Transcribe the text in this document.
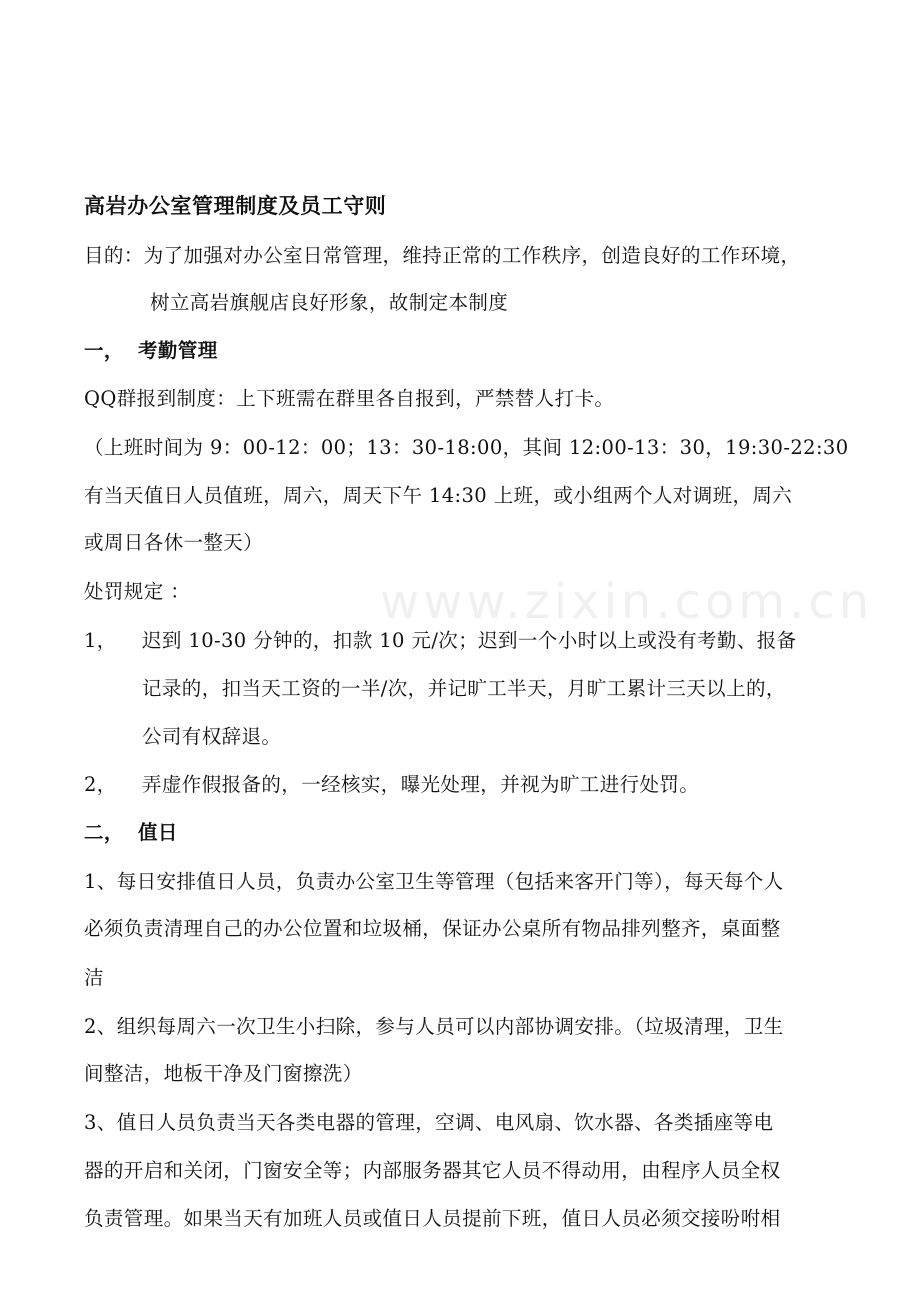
www.zixin.com.cn
高岩办公室管理制度及员工守则
目的：为了加强对办公室日常管理，维持正常的工作秩序，创造良好的工作环境，
树立高岩旗舰店良好形象，故制定本制度
一， 考勤管理
QQ群报到制度：上下班需在群里各自报到，严禁替人打卡。
（上班时间为 9：00-12：00；13：30-18:00，其间 12:00-13：30，19:30-22:30
有当天值日人员值班，周六，周天下午 14:30 上班，或小组两个人对调班，周六
或周日各休一整天）
处罚规定 ：
1， 迟到 10-30 分钟的，扣款 10 元/次；迟到一个小时以上或没有考勤、报备
记录的，扣当天工资的一半/次，并记旷工半天，月旷工累计三天以上的，
公司有权辞退。
2， 弄虚作假报备的，一经核实，曝光处理，并视为旷工进行处罚。
二， 值日
1、每日安排值日人员，负责办公室卫生等管理（包括来客开门等），每天每个人
必须负责清理自己的办公位置和垃圾桶，保证办公桌所有物品排列整齐，桌面整
洁
2、组织每周六一次卫生小扫除，参与人员可以内部协调安排。（垃圾清理，卫生
间整洁，地板干净及门窗擦洗）
3、值日人员负责当天各类电器的管理，空调、电风扇、饮水器、各类插座等电
器的开启和关闭，门窗安全等；内部服务器其它人员不得动用，由程序人员全权
负责管理。如果当天有加班人员或值日人员提前下班，值日人员必须交接吩咐相
